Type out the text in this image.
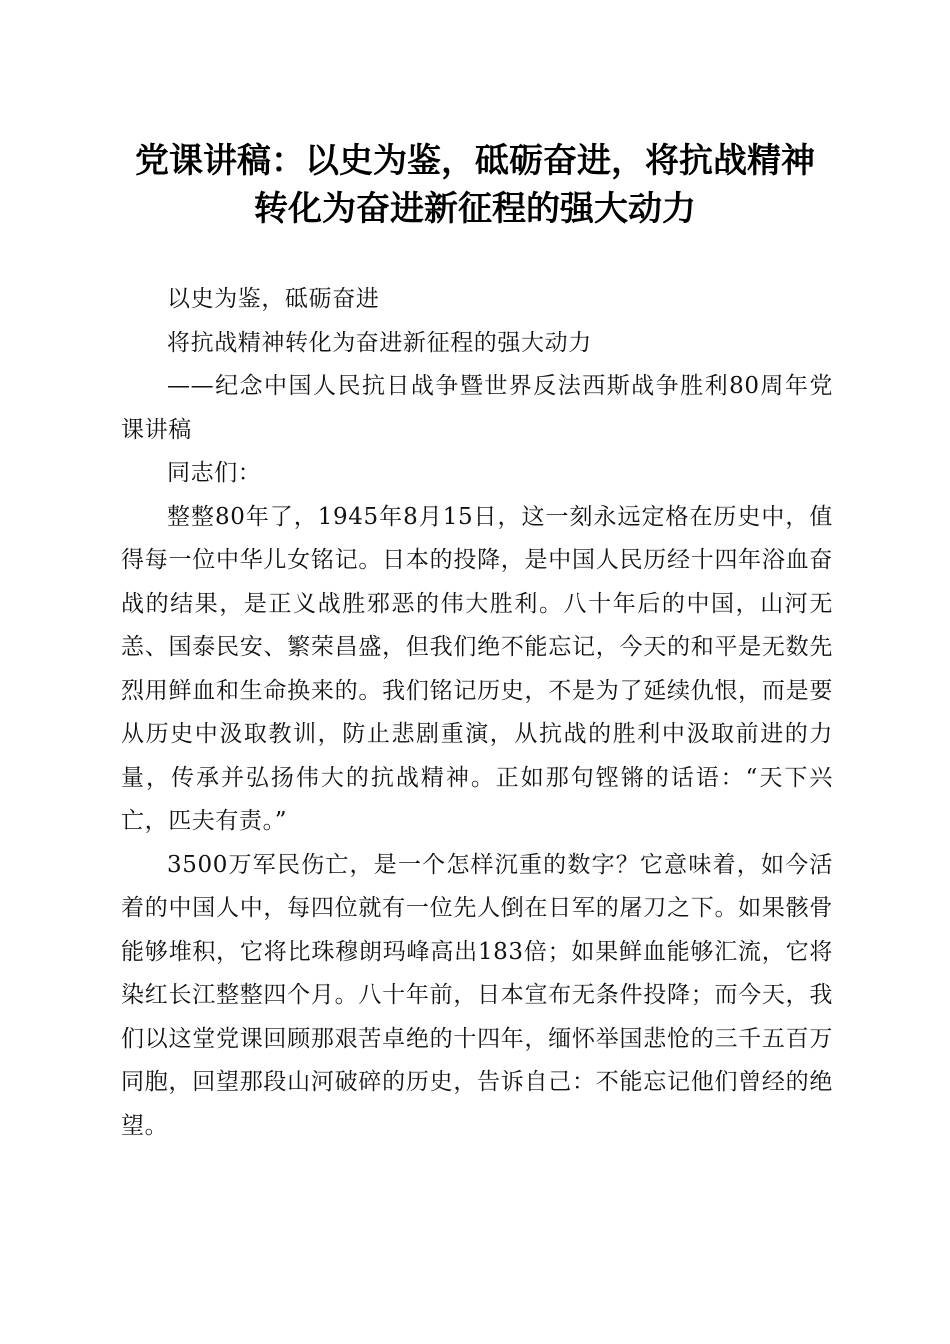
党课讲稿：以史为鉴，砥砺奋进，将抗战精神
转化为奋进新征程的强大动力

以史为鉴，砥砺奋进

将抗战精神转化为奋进新征程的强大动力

——纪念中国人民抗日战争暨世界反法西斯战争胜利80周年党课讲稿

同志们：

整整80年了，1945年8月15日，这一刻永远定格在历史中，值得每一位中华儿女铭记。日本的投降，是中国人民历经十四年浴血奋战的结果，是正义战胜邪恶的伟大胜利。八十年后的中国，山河无恙、国泰民安、繁荣昌盛，但我们绝不能忘记，今天的和平是无数先烈用鲜血和生命换来的。我们铭记历史，不是为了延续仇恨，而是要从历史中汲取教训，防止悲剧重演，从抗战的胜利中汲取前进的力量，传承并弘扬伟大的抗战精神。正如那句铿锵的话语：“天下兴亡，匹夫有责。”

3500万军民伤亡，是一个怎样沉重的数字？它意味着，如今活着的中国人中，每四位就有一位先人倒在日军的屠刀之下。如果骸骨能够堆积，它将比珠穆朗玛峰高出183倍；如果鲜血能够汇流，它将染红长江整整四个月。八十年前，日本宣布无条件投降；而今天，我们以这堂党课回顾那艰苦卓绝的十四年，缅怀举国悲怆的三千五百万同胞，回望那段山河破碎的历史，告诉自己：不能忘记他们曾经的绝望。
